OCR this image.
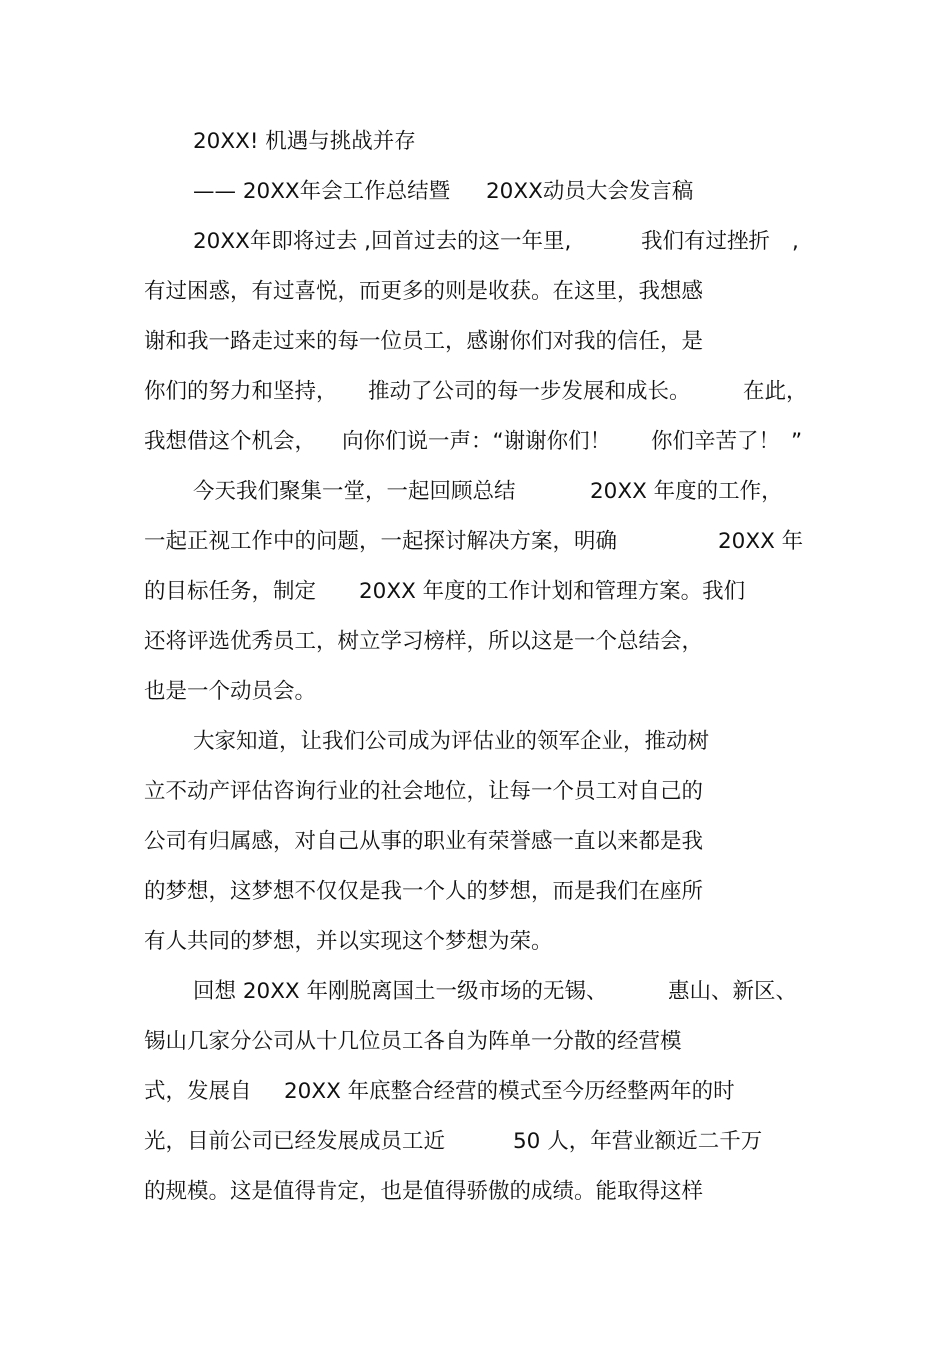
20XX! 机遇与挑战并存

—— 20XX年会工作总结暨

20XX动员大会发言稿

20XX年即将过去 ,回首过去的这一年里,

	我们有过挫折

,

有过困惑，有过喜悦，而更多的则是收获。在这里，我想感

谢和我一路走过来的每一位员工，感谢你们对我的信任，是

你们的努力和坚持，

推动了公司的每一步发展和成长。

在此，

我想借这个机会，

向你们说一声：“谢谢你们！

你们辛苦了！

”

今天我们聚集一堂，一起回顾总结

	20XX 年度的工作，

一起正视工作中的问题，一起探讨解决方案，明确

	20XX 年

的目标任务，制定

20XX 年度的工作计划和管理方案。我们

还将评选优秀员工，树立学习榜样，所以这是一个总结会，

也是一个动员会。

大家知道，让我们公司成为评估业的领军企业，推动树

立不动产评估咨询行业的社会地位，让每一个员工对自己的

公司有归属感，对自己从事的职业有荣誉感一直以来都是我

的梦想，这梦想不仅仅是我一个人的梦想，而是我们在座所

有人共同的梦想，并以实现这个梦想为荣。

回想 20XX 年刚脱离国土一级市场的无锡、

	惠山、新区、

锡山几家分公司从十几位员工各自为阵单一分散的经营模

式，发展自

20XX 年底整合经营的模式至今历经整两年的时

光，目前公司已经发展成员工近

	50 人，年营业额近二千万

的规模。这是值得肯定，也是值得骄傲的成绩。能取得这样
